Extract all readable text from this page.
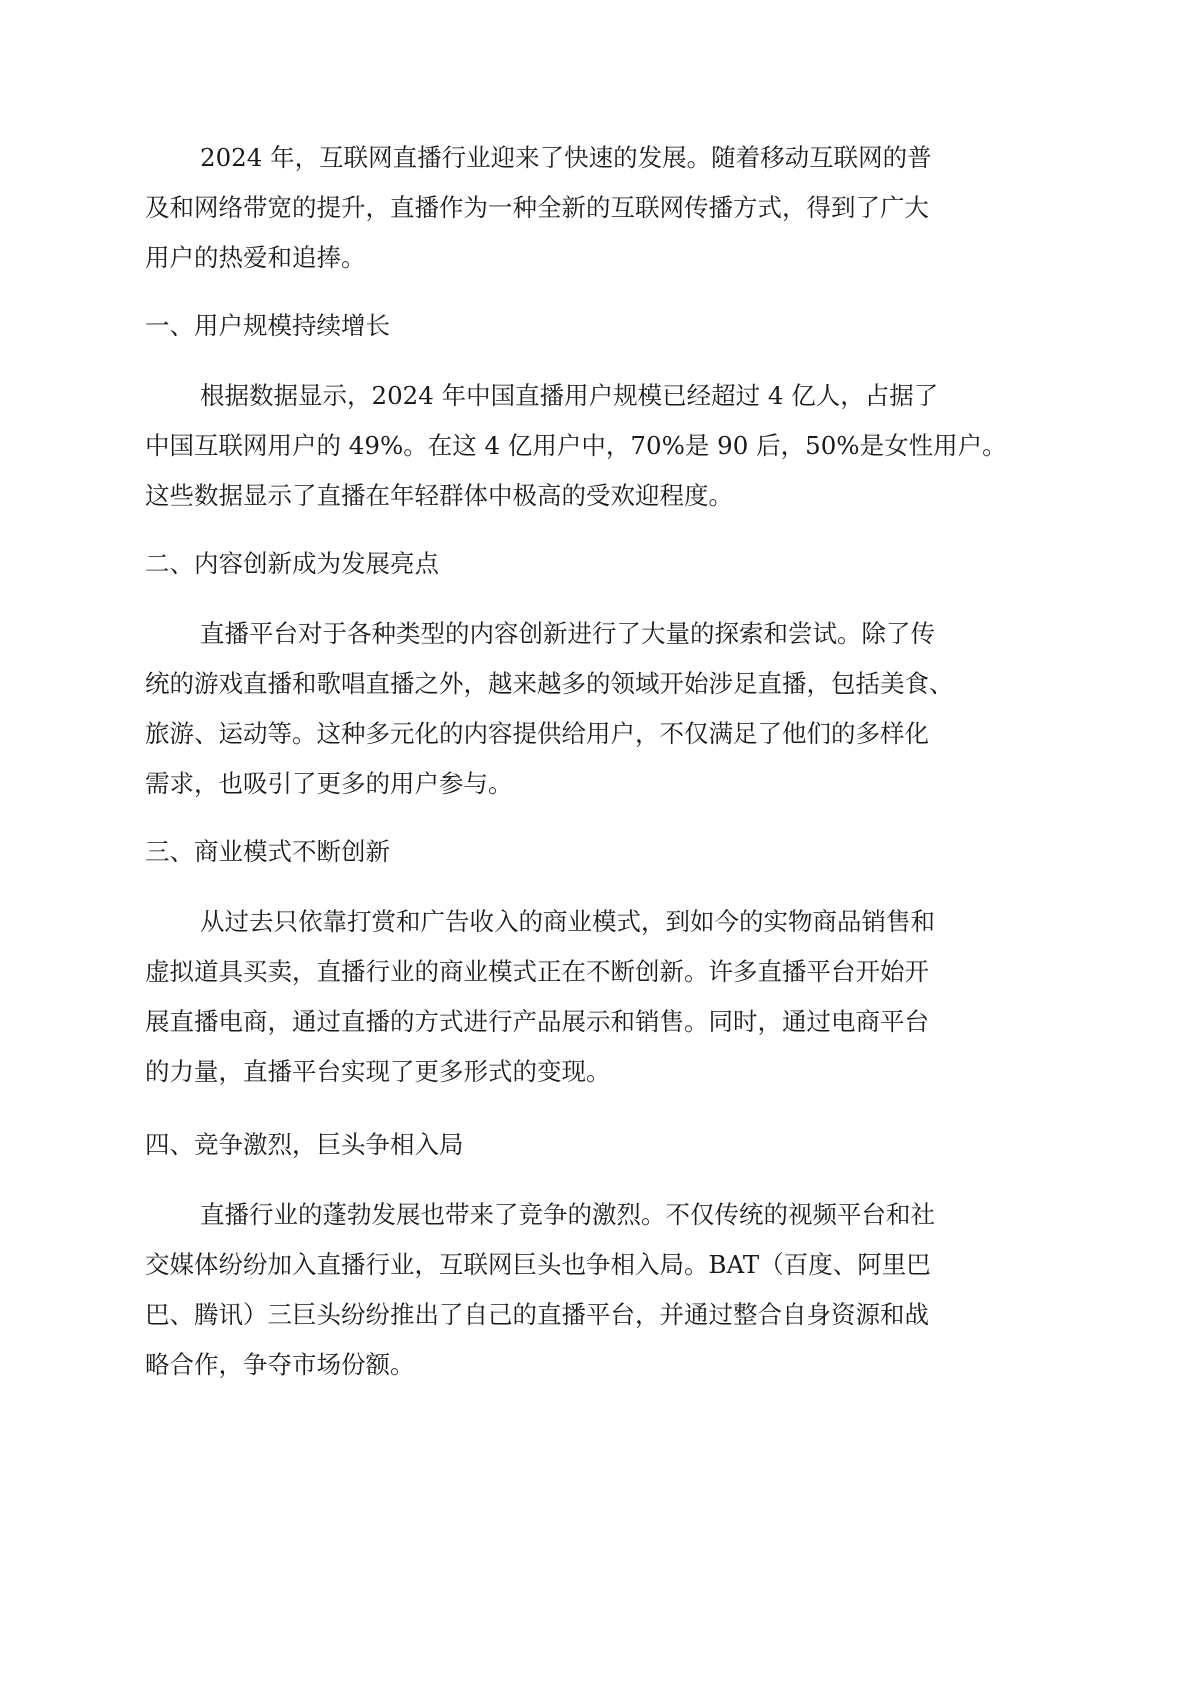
2024 年，互联网直播行业迎来了快速的发展。随着移动互联网的普
及和网络带宽的提升，直播作为一种全新的互联网传播方式，得到了广大
用户的热爱和追捧。

一、用户规模持续增长

根据数据显示，2024 年中国直播用户规模已经超过 4 亿人，占据了
中国互联网用户的 49%。在这 4 亿用户中，70%是 90 后，50%是女性用户。
这些数据显示了直播在年轻群体中极高的受欢迎程度。

二、内容创新成为发展亮点

直播平台对于各种类型的内容创新进行了大量的探索和尝试。除了传
统的游戏直播和歌唱直播之外，越来越多的领域开始涉足直播，包括美食、
旅游、运动等。这种多元化的内容提供给用户，不仅满足了他们的多样化
需求，也吸引了更多的用户参与。

三、商业模式不断创新

从过去只依靠打赏和广告收入的商业模式，到如今的实物商品销售和
虚拟道具买卖，直播行业的商业模式正在不断创新。许多直播平台开始开
展直播电商，通过直播的方式进行产品展示和销售。同时，通过电商平台
的力量，直播平台实现了更多形式的变现。

四、竞争激烈，巨头争相入局

直播行业的蓬勃发展也带来了竞争的激烈。不仅传统的视频平台和社
交媒体纷纷加入直播行业，互联网巨头也争相入局。BAT（百度、阿里巴
巴、腾讯）三巨头纷纷推出了自己的直播平台，并通过整合自身资源和战
略合作，争夺市场份额。
